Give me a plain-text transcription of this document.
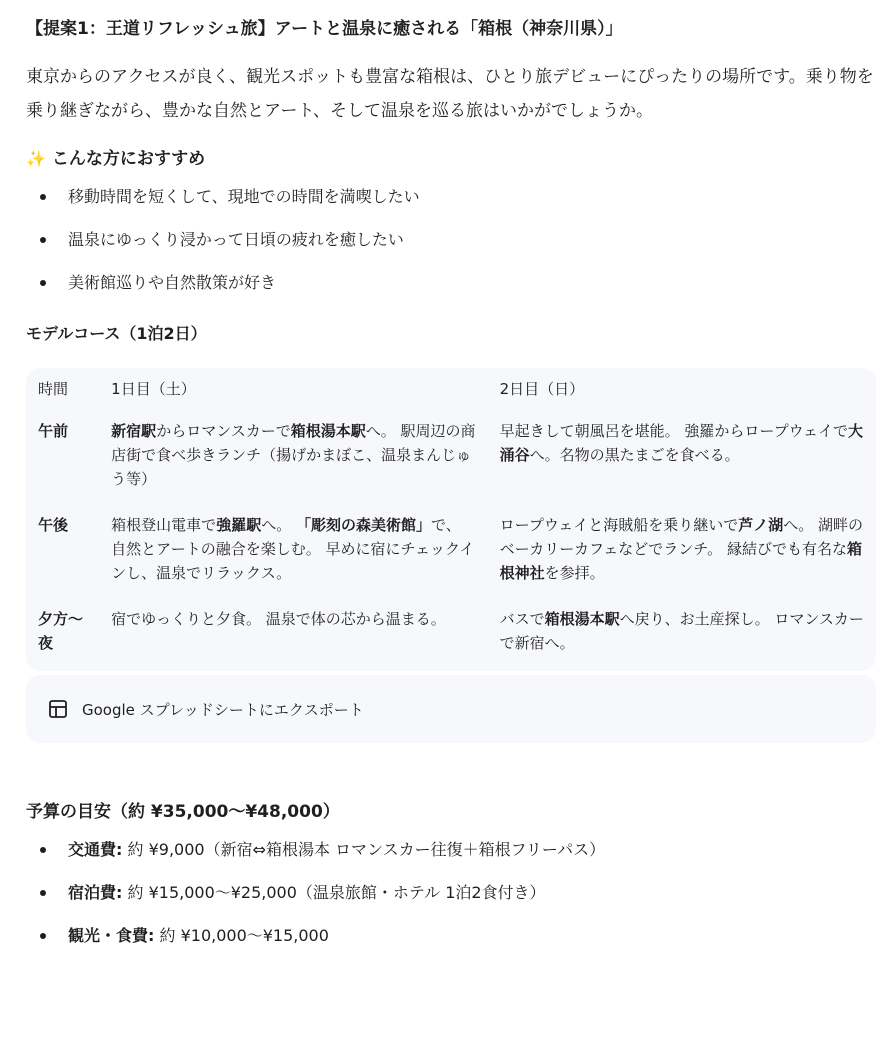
【提案1：王道リフレッシュ旅】アートと温泉に癒される「箱根（神奈川県）」
東京からのアクセスが良く、観光スポットも豊富な箱根は、ひとり旅デビューにぴったりの場所です。乗り物を乗り継ぎながら、豊かな自然とアート、そして温泉を巡る旅はいかがでしょうか。
✨ こんな方におすすめ
移動時間を短くして、現地での時間を満喫したい
温泉にゆっくり浸かって日頃の疲れを癒したい
美術館巡りや自然散策が好き
モデルコース（1泊2日）
時間	1日目（土）	2日目（日）
午前	新宿駅からロマンスカーで箱根湯本駅へ。 駅周辺の商店街で食べ歩きランチ（揚げかまぼこ、温泉まんじゅう等）	早起きして朝風呂を堪能。 強羅からロープウェイで大涌谷へ。名物の黒たまごを食べる。
午後	箱根登山電車で強羅駅へ。 「彫刻の森美術館」で、自然とアートの融合を楽しむ。 早めに宿にチェックインし、温泉でリラックス。	ロープウェイと海賊船を乗り継いで芦ノ湖へ。 湖畔のベーカリーカフェなどでランチ。 縁結びでも有名な箱根神社を参拝。
夕方〜夜	宿でゆっくりと夕食。 温泉で体の芯から温まる。	バスで箱根湯本駅へ戻り、お土産探し。 ロマンスカーで新宿へ。
Google スプレッドシートにエクスポート
予算の目安（約 ¥35,000〜¥48,000）
交通費: 約 ¥9,000（新宿⇔箱根湯本 ロマンスカー往復＋箱根フリーパス）
宿泊費: 約 ¥15,000〜¥25,000（温泉旅館・ホテル 1泊2食付き）
観光・食費: 約 ¥10,000〜¥15,000
